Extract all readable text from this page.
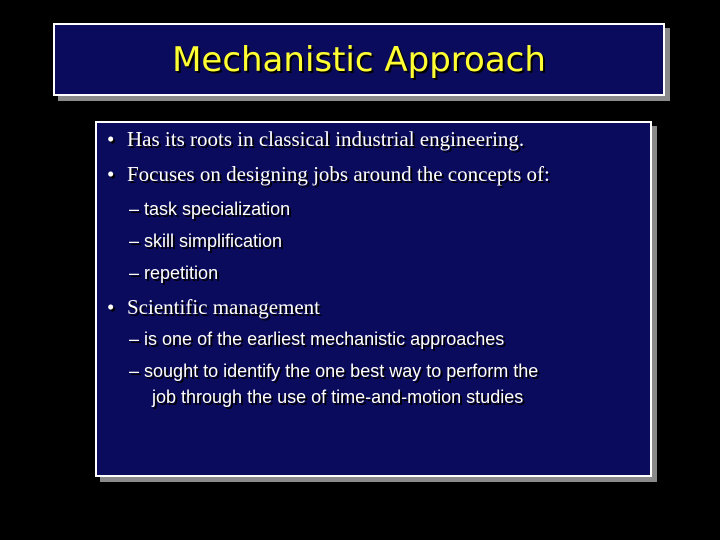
Mechanistic Approach
• Has its roots in classical industrial engineering.
• Focuses on designing jobs around the concepts of:
– task specialization
– skill simplification
– repetition
• Scientific management
– is one of the earliest mechanistic approaches
– sought to identify the one best way to perform the
job through the use of time-and-motion studies
